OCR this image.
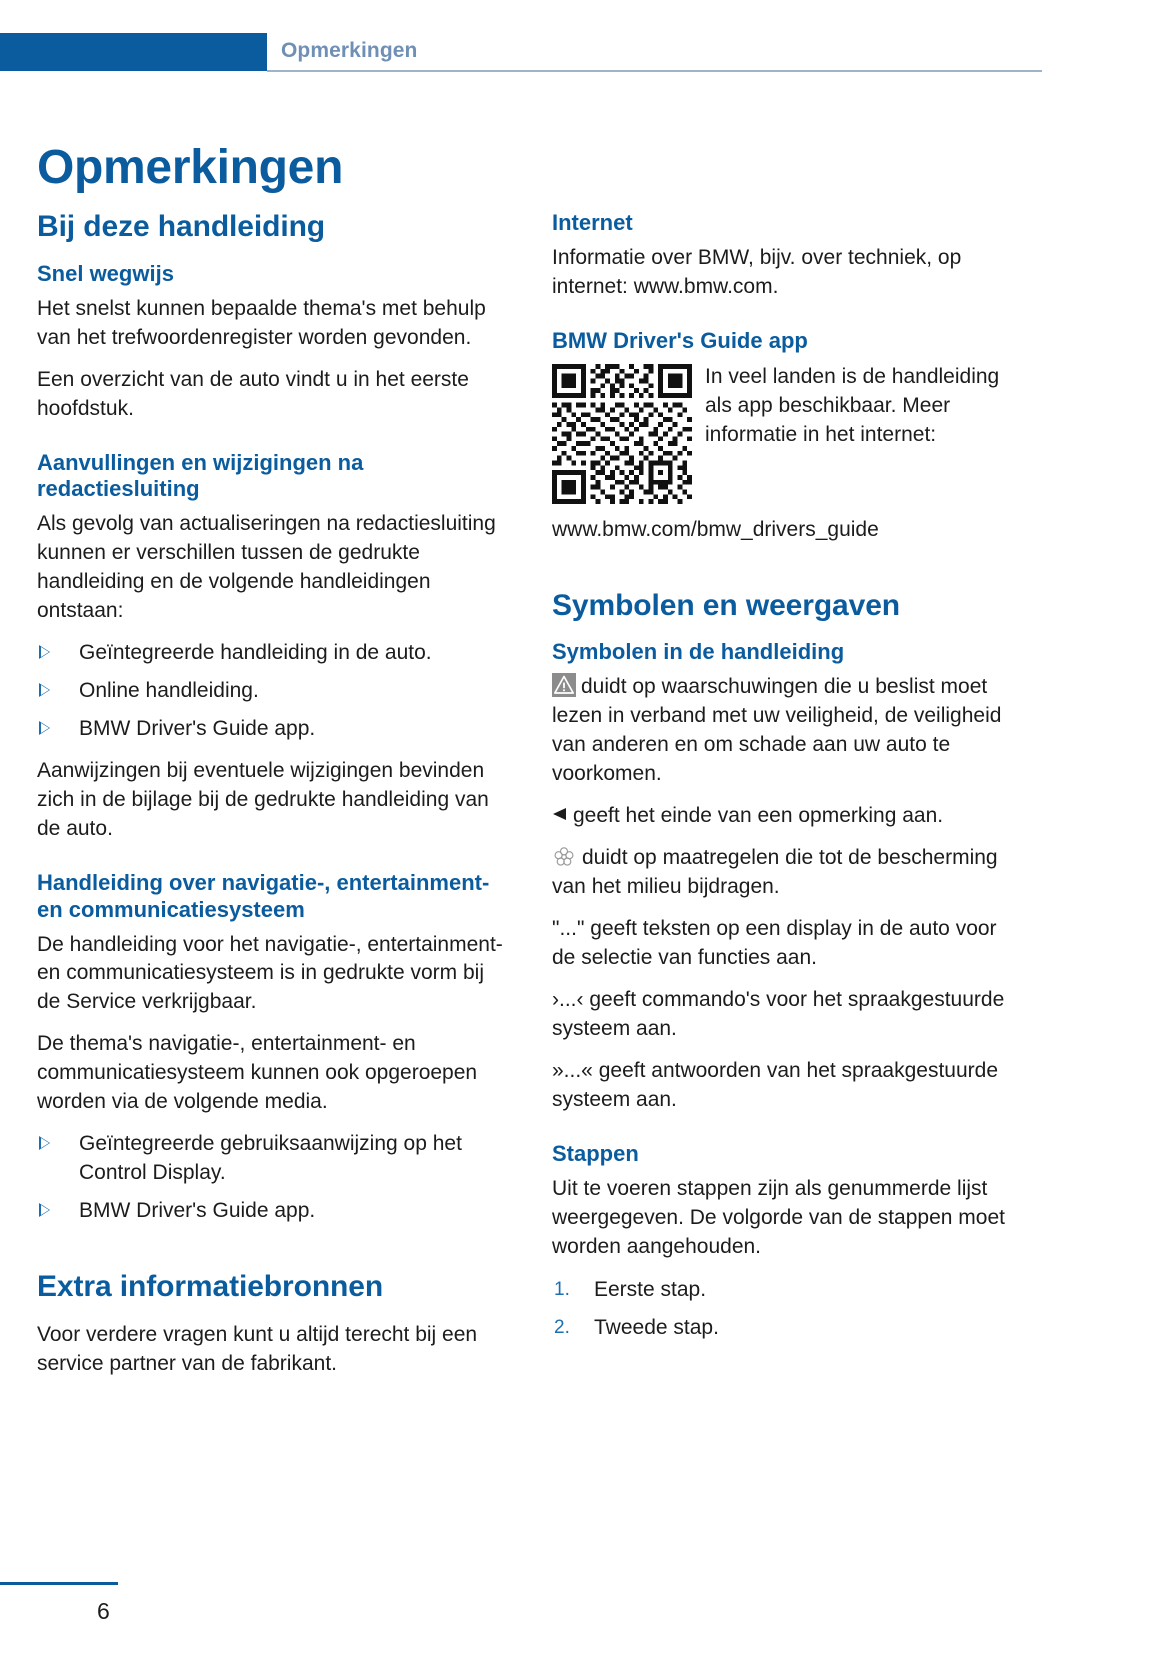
Opmerkingen
Opmerkingen
Bij deze handleiding
Snel wegwijs

Het snelst kunnen bepaalde thema's met behulp van het trefwoordenregister worden gevonden.

Een overzicht van de auto vindt u in het eerste hoofdstuk.

Aanvullingen en wijzigingen na redactiesluiting

Als gevolg van actualiseringen na redactiesluiting kunnen er verschillen tussen de gedrukte handleiding en de volgende handleidingen ontstaan:

Geïntegreerde handleiding in de auto.
Online handleiding.
BMW Driver's Guide app.

Aanwijzingen bij eventuele wijzigingen bevinden zich in de bijlage bij de gedrukte handleiding van de auto.

Handleiding over navigatie-, entertainment- en communicatiesysteem

De handleiding voor het navigatie-, entertainment- en communicatiesysteem is in gedrukte vorm bij de Service verkrijgbaar.

De thema's navigatie-, entertainment- en communicatiesysteem kunnen ook opgeroepen worden via de volgende media.

Geïntegreerde gebruiksaanwijzing op het Control Display.
BMW Driver's Guide app.
Extra informatiebronnen

Voor verdere vragen kunt u altijd terecht bij een service partner van de fabrikant.

Internet

Informatie over BMW, bijv. over techniek, op internet: www.bmw.com.

BMW Driver's Guide app
In veel landen is de handleiding als app beschikbaar. Meer informatie in het internet:

www.bmw.com/bmw_drivers_guide

Symbolen en weergaven
Symbolen in de handleiding

duidt op waarschuwingen die u beslist moet lezen in verband met uw veiligheid, de veiligheid van anderen en om schade aan uw auto te voorkomen.

geeft het einde van een opmerking aan.

duidt op maatregelen die tot de bescherming van het milieu bijdragen.

"..." geeft teksten op een display in de auto voor de selectie van functies aan.

›...‹ geeft commando's voor het spraakgestuurde systeem aan.

»...« geeft antwoorden van het spraakgestuurde systeem aan.

Stappen

Uit te voeren stappen zijn als genummerde lijst weergegeven. De volgorde van de stappen moet worden aangehouden.

1. Eerste stap.
2. Tweede stap.
6
